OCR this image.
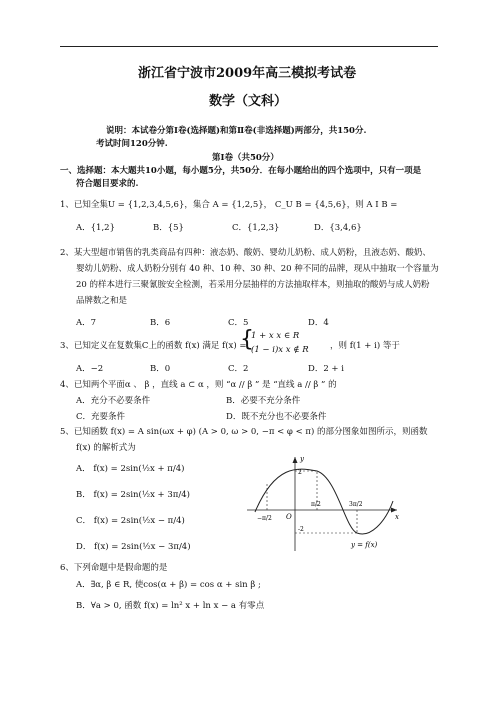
浙江省宁波市2009年高三模拟考试卷
数学（文科）
说明：本试卷分第Ⅰ卷(选择题)和第Ⅱ卷(非选择题)两部分，共150分.
考试时间120分钟.
第Ⅰ卷（共50分）
一、选择题：本大题共10小题，每小题5分，共50分．在每小题给出的四个选项中，只有一项是
符合题目要求的.
1、已知全集U = {1,2,3,4,5,6}，集合 A = {1,2,5}， C_U B = {4,5,6}，则 A I B =
A．{1,2}	B．{5}	C．{1,2,3}	D．{3,4,6}
2、某大型超市销售的乳类商品有四种：液态奶、酸奶、婴幼儿奶粉、成人奶粉，且液态奶、酸奶、
婴幼儿奶粉、成人奶粉分别有 40 种、10 种、30 种、20 种不同的品牌，现从中抽取一个容量为
20 的样本进行三聚氰胺安全检测，若采用分层抽样的方法抽取样本，则抽取的酸奶与成人奶粉
品牌数之和是
A．7	B．6	C．5	D．4
3、已知定义在复数集C上的函数 f(x) 满足 f(x) =
{
1 + x x ∈ R
(1 − i)x x ∉ R	，则 f(1 + i) 等于
A．−2	B．0	C．2	D．2 + i
4、已知两个平面α 、 β ，直线 a ⊂ α ，则 “α // β ” 是 “直线 a // β ” 的
A．充分不必要条件	B．必要不充分条件
C．充要条件	D．既不充分也不必要条件
5、已知函数 f(x) = A sin(ωx + φ) (A > 0, ω > 0, −π < φ < π) 的部分图象如图所示，则函数
f(x) 的解析式为
A． f(x) = 2sin(½x + π/4)
B． f(x) = 2sin(½x + 3π/4)
C． f(x) = 2sin(½x − π/4)
D． f(x) = 2sin(½x − 3π/4)
y
x
O
2
-2
−π/2
π/2	3π/2
y = f(x)
6、下列命题中是假命题的是
A．∃α, β ∈ R, 使cos(α + β) = cos α + sin β ;
B．∀a > 0, 函数 f(x) = ln² x + ln x − a 有零点
